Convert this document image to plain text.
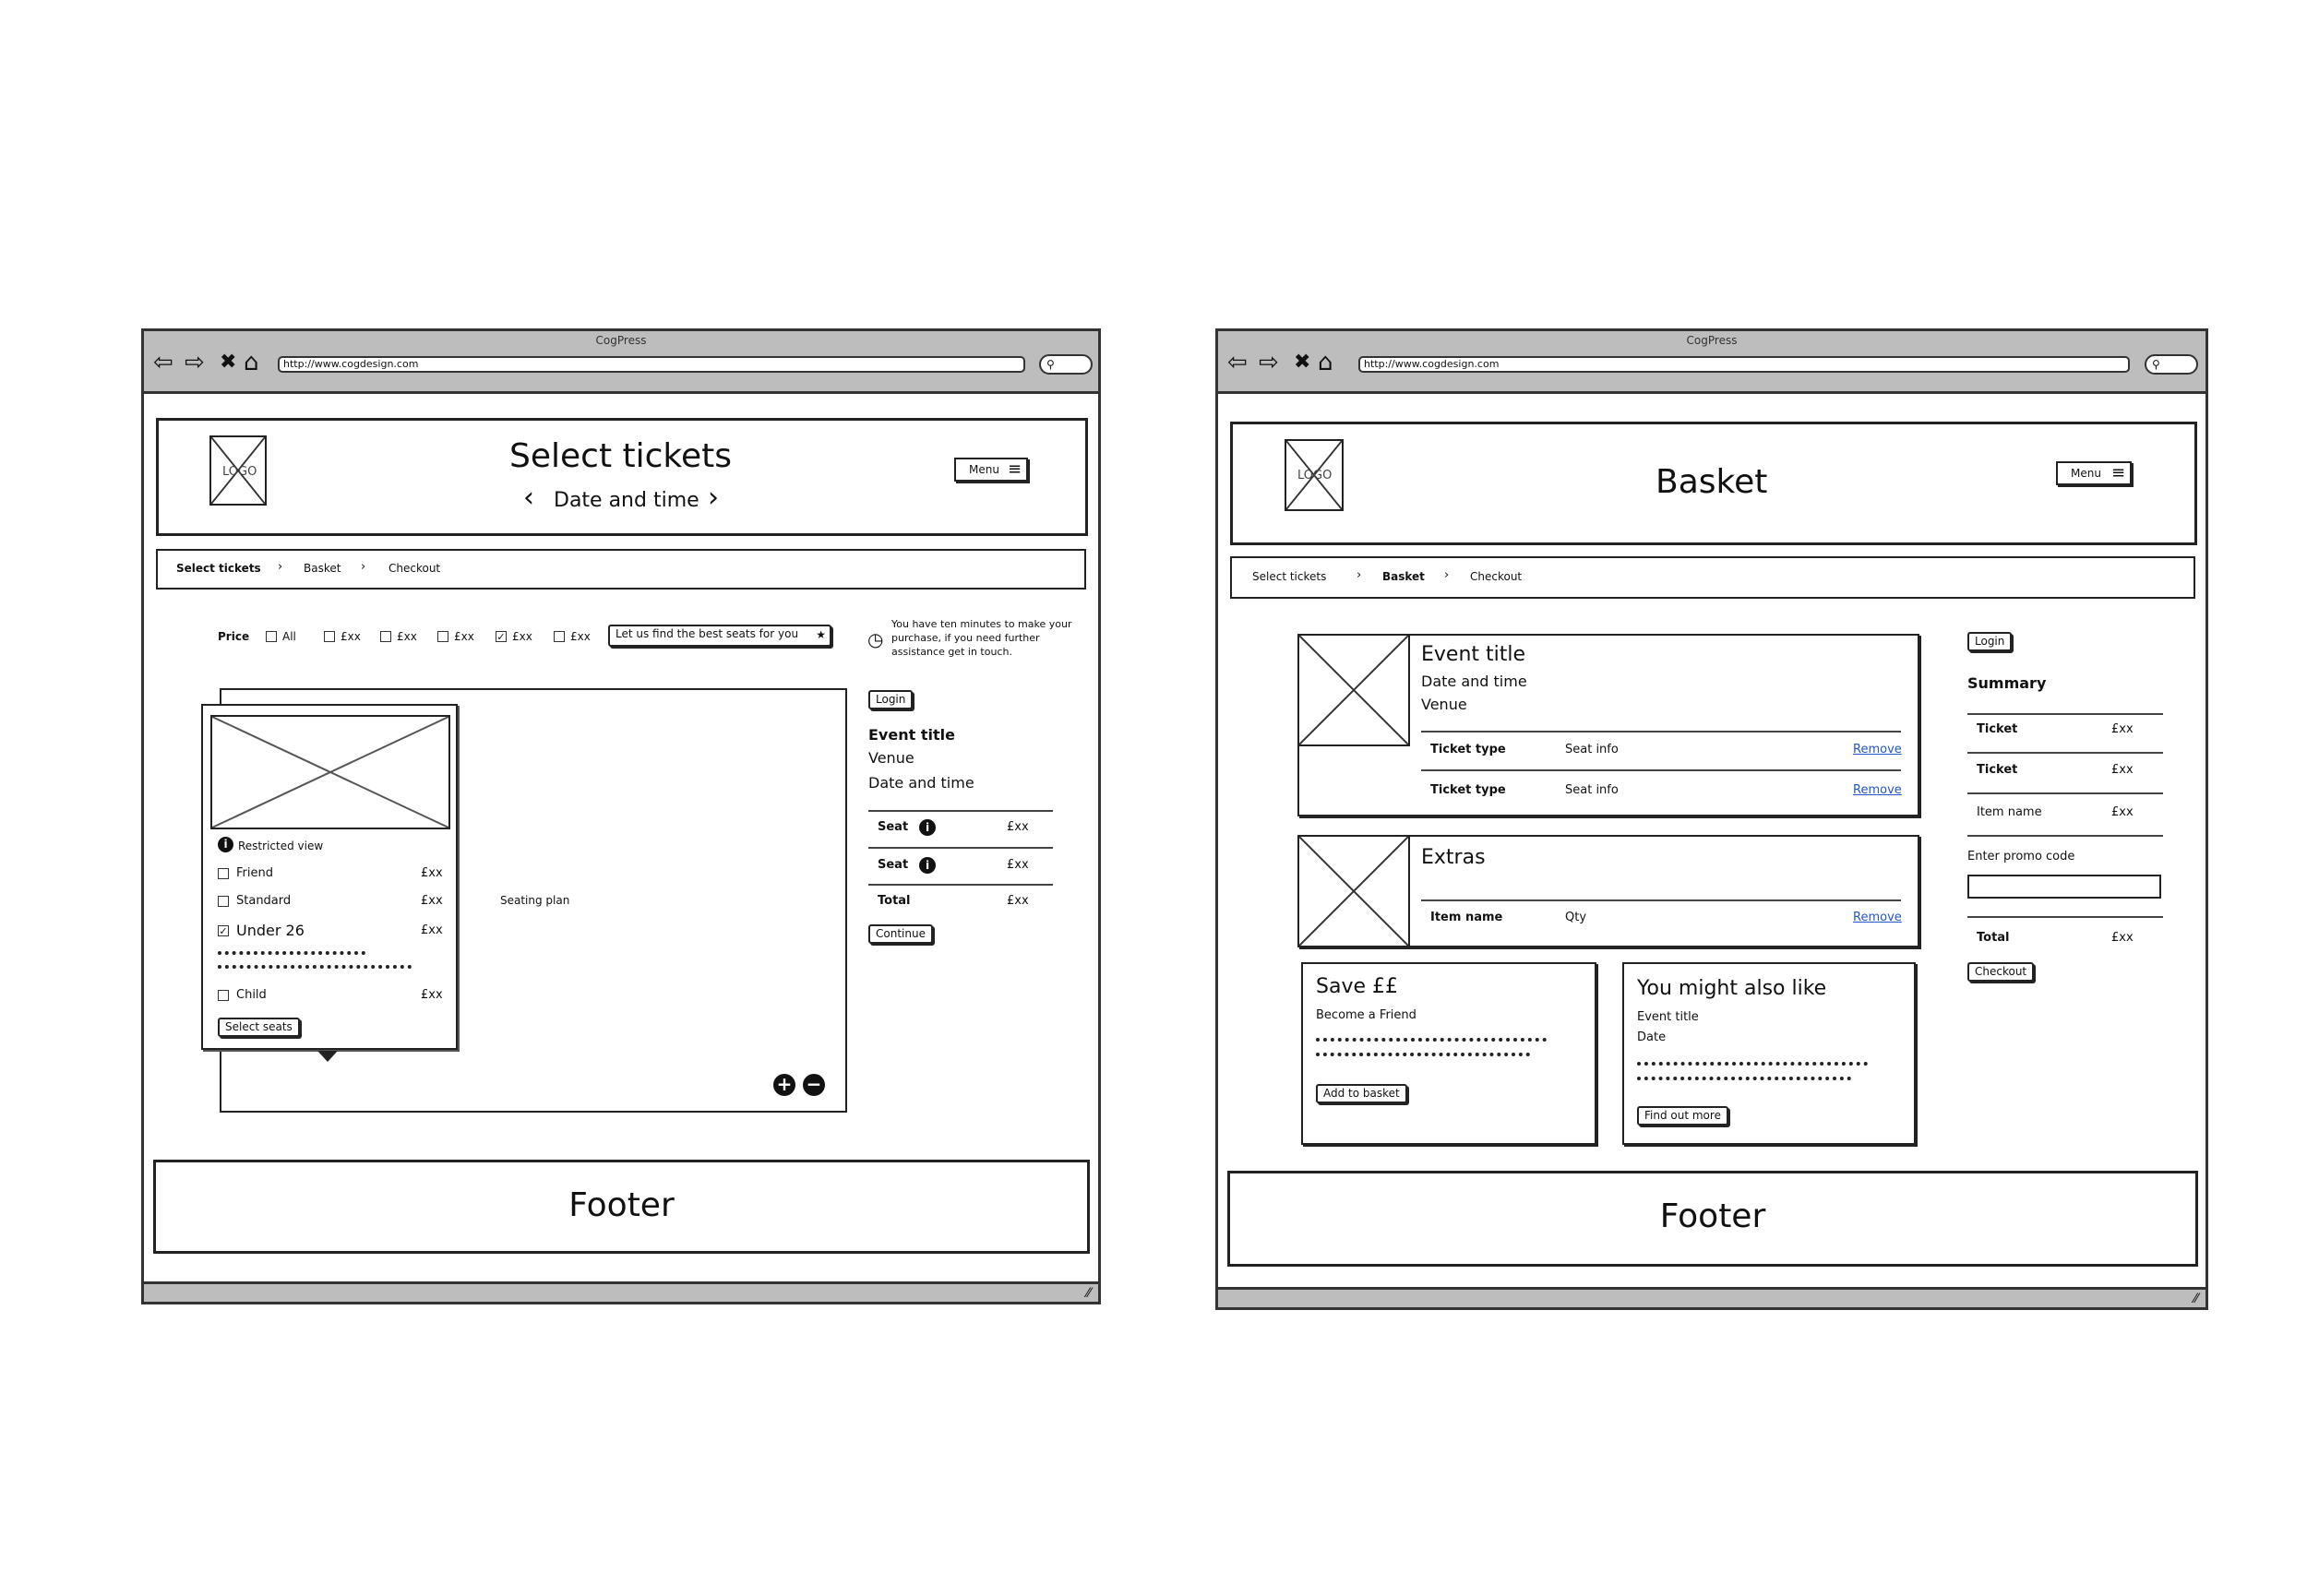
CogPress
⇦ ⇨ ✖ ⌂	http://www.cogdesign.com	⚲
LOGO	Select tickets
‹ Date and time ›
Menu ≡
Select tickets › Basket › Checkout
Price	All	£xx	£xx	£xx ✓ £xx	£xx	Let us find the best seats for you ★ ◷
You have ten minutes to make your purchase, if you need further assistance get in touch.
Seating plan
+ −
i Restricted view
Friend	£xx
Standard	£xx
✓ Under 26	£xx
Child	£xx
Select seats
Login
Event title
Venue
Date and time
Seat	i	£xx
Seat	i	£xx
Total	£xx
Continue
Footer
⁄⁄
CogPress
⇦ ⇨ ✖ ⌂	http://www.cogdesign.com	⚲
LOGO	Basket	Menu ≡
Select tickets	› Basket › Checkout
Event title
Date and time
Venue
Ticket type	Seat info	Remove
Ticket type	Seat info	Remove
Extras
Item name	Qty	Remove
Save ££
Become a Friend
Add to basket
You might also like
Event title
Date
Find out more
Login
Summary
Ticket	£xx
Ticket	£xx
Item name	£xx
Enter promo code
Total	£xx
Checkout
Footer
⁄⁄
